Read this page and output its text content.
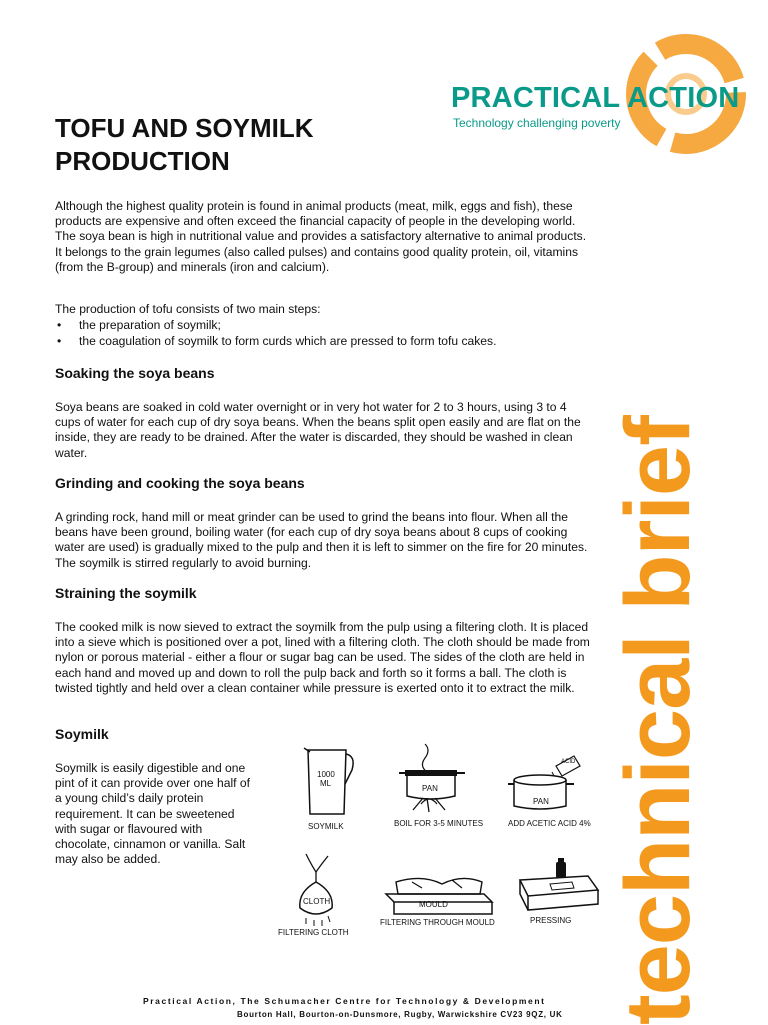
PRACTICAL ACTION
Technology challenging poverty
technical brief
TOFU AND SOYMILK PRODUCTION
Although the highest quality protein is found in animal products (meat, milk, eggs and fish), these products are expensive and often exceed the financial capacity of people in the developing world. The soya bean is high in nutritional value and provides a satisfactory alternative to animal products. It belongs to the grain legumes (also called pulses) and contains good quality protein, oil, vitamins (from the B-group) and minerals (iron and calcium).
The production of tofu consists of two main steps:
• the preparation of soymilk;
• the coagulation of soymilk to form curds which are pressed to form tofu cakes.
Soaking the soya beans
Soya beans are soaked in cold water overnight or in very hot water for 2 to 3 hours, using 3 to 4 cups of water for each cup of dry soya beans. When the beans split open easily and are flat on the inside, they are ready to be drained. After the water is discarded, they should be washed in clean water.
Grinding and cooking the soya beans
A grinding rock, hand mill or meat grinder can be used to grind the beans into flour. When all the beans have been ground, boiling water (for each cup of dry soya beans about 8 cups of cooking water are used) is gradually mixed to the pulp and then it is left to simmer on the fire for 20 minutes. The soymilk is stirred regularly to avoid burning.
Straining the soymilk
The cooked milk is now sieved to extract the soymilk from the pulp using a filtering cloth. It is placed into a sieve which is positioned over a pot, lined with a filtering cloth. The cloth should be made from nylon or porous material - either a flour or sugar bag can be used. The sides of the cloth are held in each hand and moved up and down to roll the pulp back and forth so it forms a ball. The cloth is twisted tightly and held over a clean container while pressure is exerted onto it to extract the milk.
Soymilk
Soymilk is easily digestible and one pint of it can provide over one half of a young child’s daily protein requirement. It can be sweetened with sugar or flavoured with chocolate, cinnamon or vanilla. Salt may also be added.
1000
ML
SOYMILK
PAN
BOIL FOR 3-5 MINUTES
PAN
ACID
ADD ACETIC ACID 4%
CLOTH
FILTERING CLOTH
MOULD
FILTERING THROUGH MOULD	PRESSING
Practical Action, The Schumacher Centre for Technology & Development
Bourton Hall, Bourton-on-Dunsmore, Rugby, Warwickshire CV23 9QZ, UK
